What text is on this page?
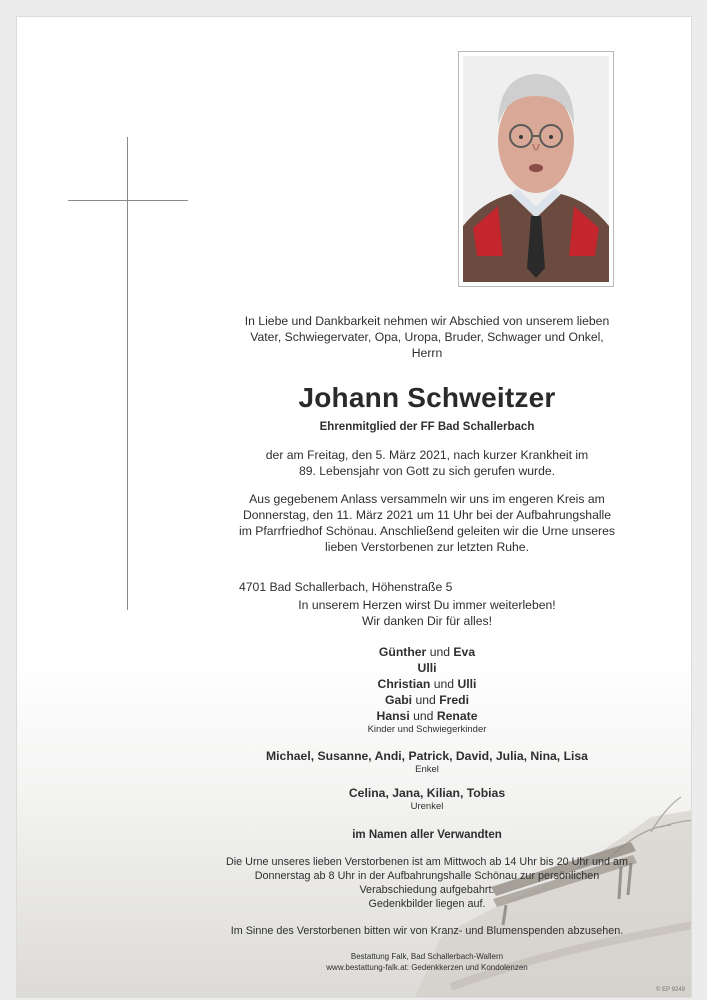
In Liebe und Dankbarkeit nehmen wir Abschied von unserem lieben
Vater, Schwiegervater, Opa, Uropa, Bruder, Schwager und Onkel,
Herrn
Johann Schweitzer
Ehrenmitglied der FF Bad Schallerbach
der am Freitag, den 5. März 2021, nach kurzer Krankheit im
89. Lebensjahr von Gott zu sich gerufen wurde.
Aus gegebenem Anlass versammeln wir uns im engeren Kreis am
Donnerstag, den 11. März 2021 um 11 Uhr bei der Aufbahrungshalle
im Pfarrfriedhof Schönau. Anschließend geleiten wir die Urne unseres
lieben Verstorbenen zur letzten Ruhe.
4701 Bad Schallerbach, Höhenstraße 5
In unserem Herzen wirst Du immer weiterleben!
Wir danken Dir für alles!
Günther und Eva
Ulli
Christian und Ulli
Gabi und Fredi
Hansi und Renate
Kinder und Schwiegerkinder
Michael, Susanne, Andi, Patrick, David, Julia, Nina, Lisa
Enkel
Celina, Jana, Kilian, Tobias
Urenkel
im Namen aller Verwandten
Die Urne unseres lieben Verstorbenen ist am Mittwoch ab 14 Uhr bis 20 Uhr und am
Donnerstag ab 8 Uhr in der Aufbahrungshalle Schönau zur persönlichen
Verabschiedung aufgebahrt.
Gedenkbilder liegen auf.
Im Sinne des Verstorbenen bitten wir von Kranz- und Blumenspenden abzusehen.
Bestattung Falk, Bad Schallerbach-Wallern
www.bestattung-falk.at: Gedenkkerzen und Kondolenzen
© EP 9249
